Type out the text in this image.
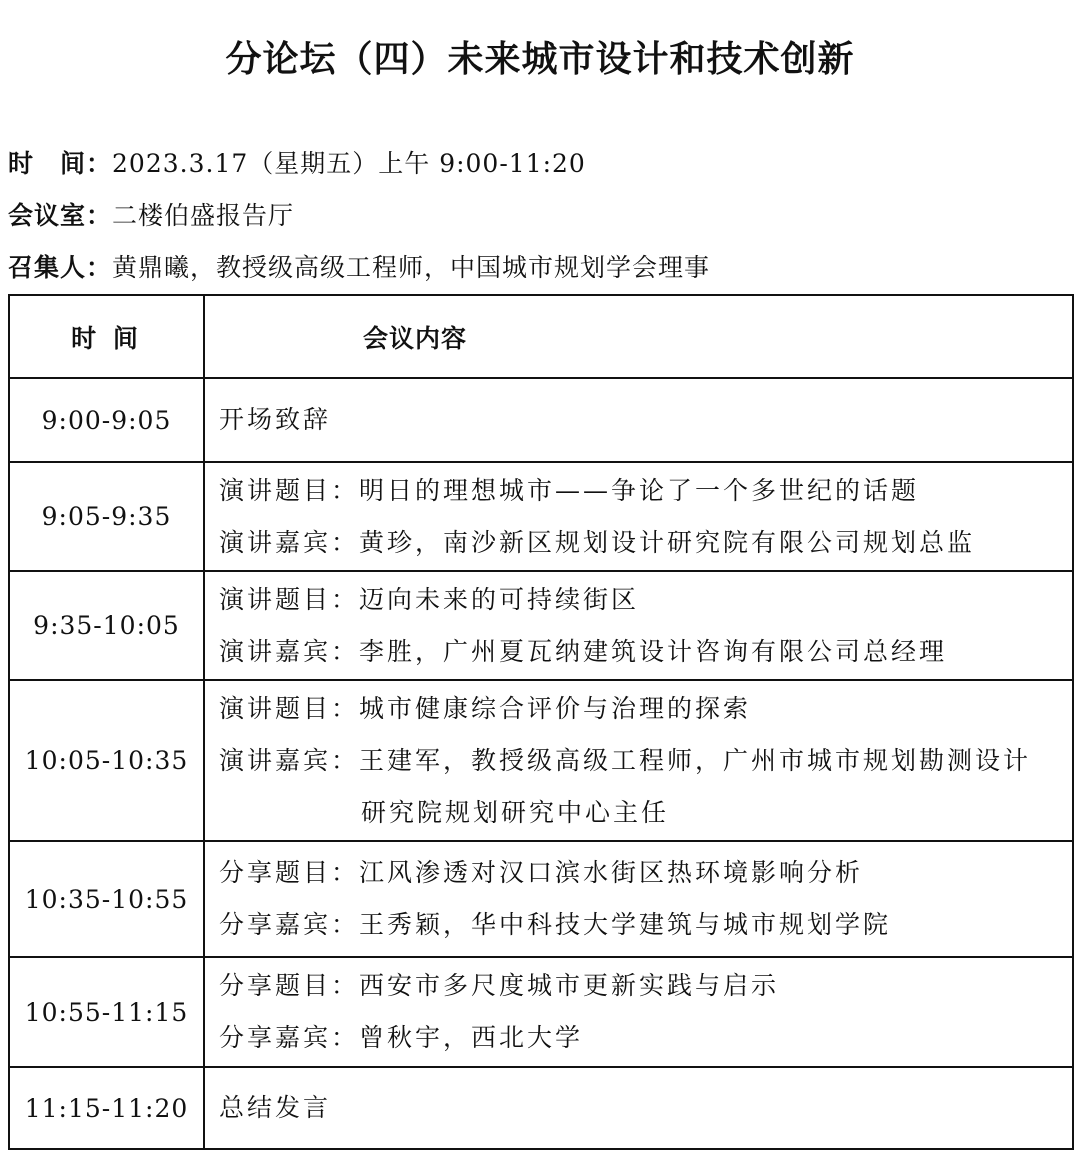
分论坛（四）未来城市设计和技术创新
时　间：2023.3.17（星期五）上午 9:00-11:20
会议室：二楼伯盛报告厅
召集人：黄鼎曦，教授级高级工程师，中国城市规划学会理事
时 间	会议内容
9:00-9:05	开场致辞

9:05-9:35	演讲题目：明日的理想城市——争论了一个多世纪的话题
演讲嘉宾：黄珍，南沙新区规划设计研究院有限公司规划总监

9:35-10:05	演讲题目：迈向未来的可持续街区
演讲嘉宾：李胜，广州夏瓦纳建筑设计咨询有限公司总经理

10:05-10:35	演讲题目：城市健康综合评价与治理的探索
演讲嘉宾：王建军，教授级高级工程师，广州市城市规划勘测设计
研究院规划研究中心主任

10:35-10:55	分享题目：江风渗透对汉口滨水街区热环境影响分析
分享嘉宾：王秀颖，华中科技大学建筑与城市规划学院

10:55-11:15	分享题目：西安市多尺度城市更新实践与启示
分享嘉宾：曾秋宇，西北大学

11:15-11:20	总结发言
